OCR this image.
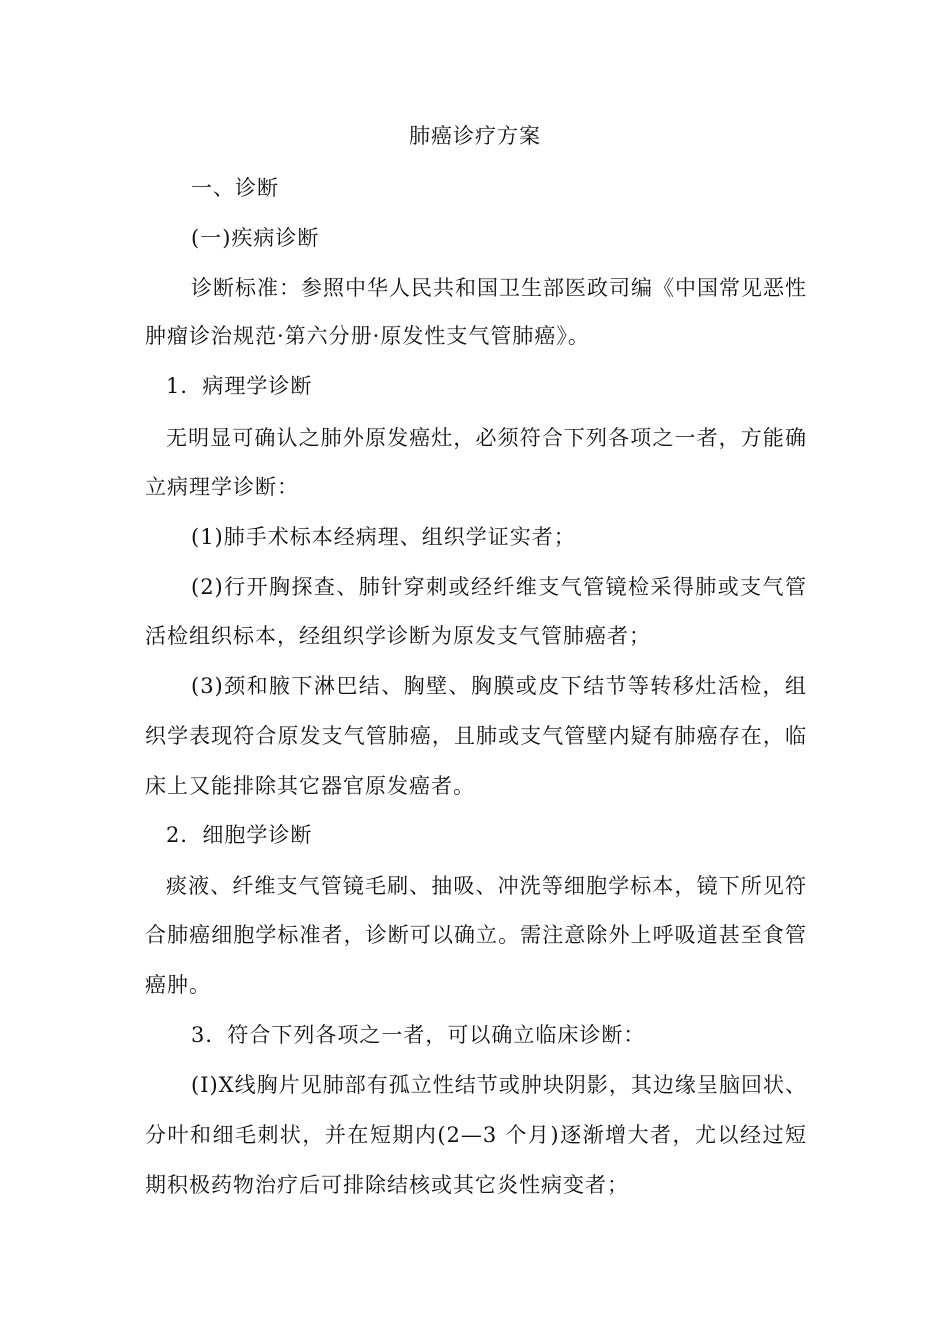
肺癌诊疗方案
一、诊断
(一)疾病诊断
诊断标准：参照中华人民共和国卫生部医政司编《中国常见恶性
肿瘤诊治规范·第六分册·原发性支气管肺癌》。
1．病理学诊断
无明显可确认之肺外原发癌灶，必须符合下列各项之一者，方能确
立病理学诊断：
(1)肺手术标本经病理、组织学证实者；
(2)行开胸探查、肺针穿刺或经纤维支气管镜检采得肺或支气管
活检组织标本，经组织学诊断为原发支气管肺癌者；
(3)颈和腋下淋巴结、胸壁、胸膜或皮下结节等转移灶活检，组
织学表现符合原发支气管肺癌，且肺或支气管壁内疑有肺癌存在，临
床上又能排除其它器官原发癌者。
2．细胞学诊断
痰液、纤维支气管镜毛刷、抽吸、冲洗等细胞学标本，镜下所见符
合肺癌细胞学标准者，诊断可以确立。需注意除外上呼吸道甚至食管
癌肿。
3．符合下列各项之一者，可以确立临床诊断：
(I)X线胸片见肺部有孤立性结节或肿块阴影，其边缘呈脑回状、
分叶和细毛刺状，并在短期内(2—3 个月)逐渐增大者，尤以经过短
期积极药物治疗后可排除结核或其它炎性病变者；
